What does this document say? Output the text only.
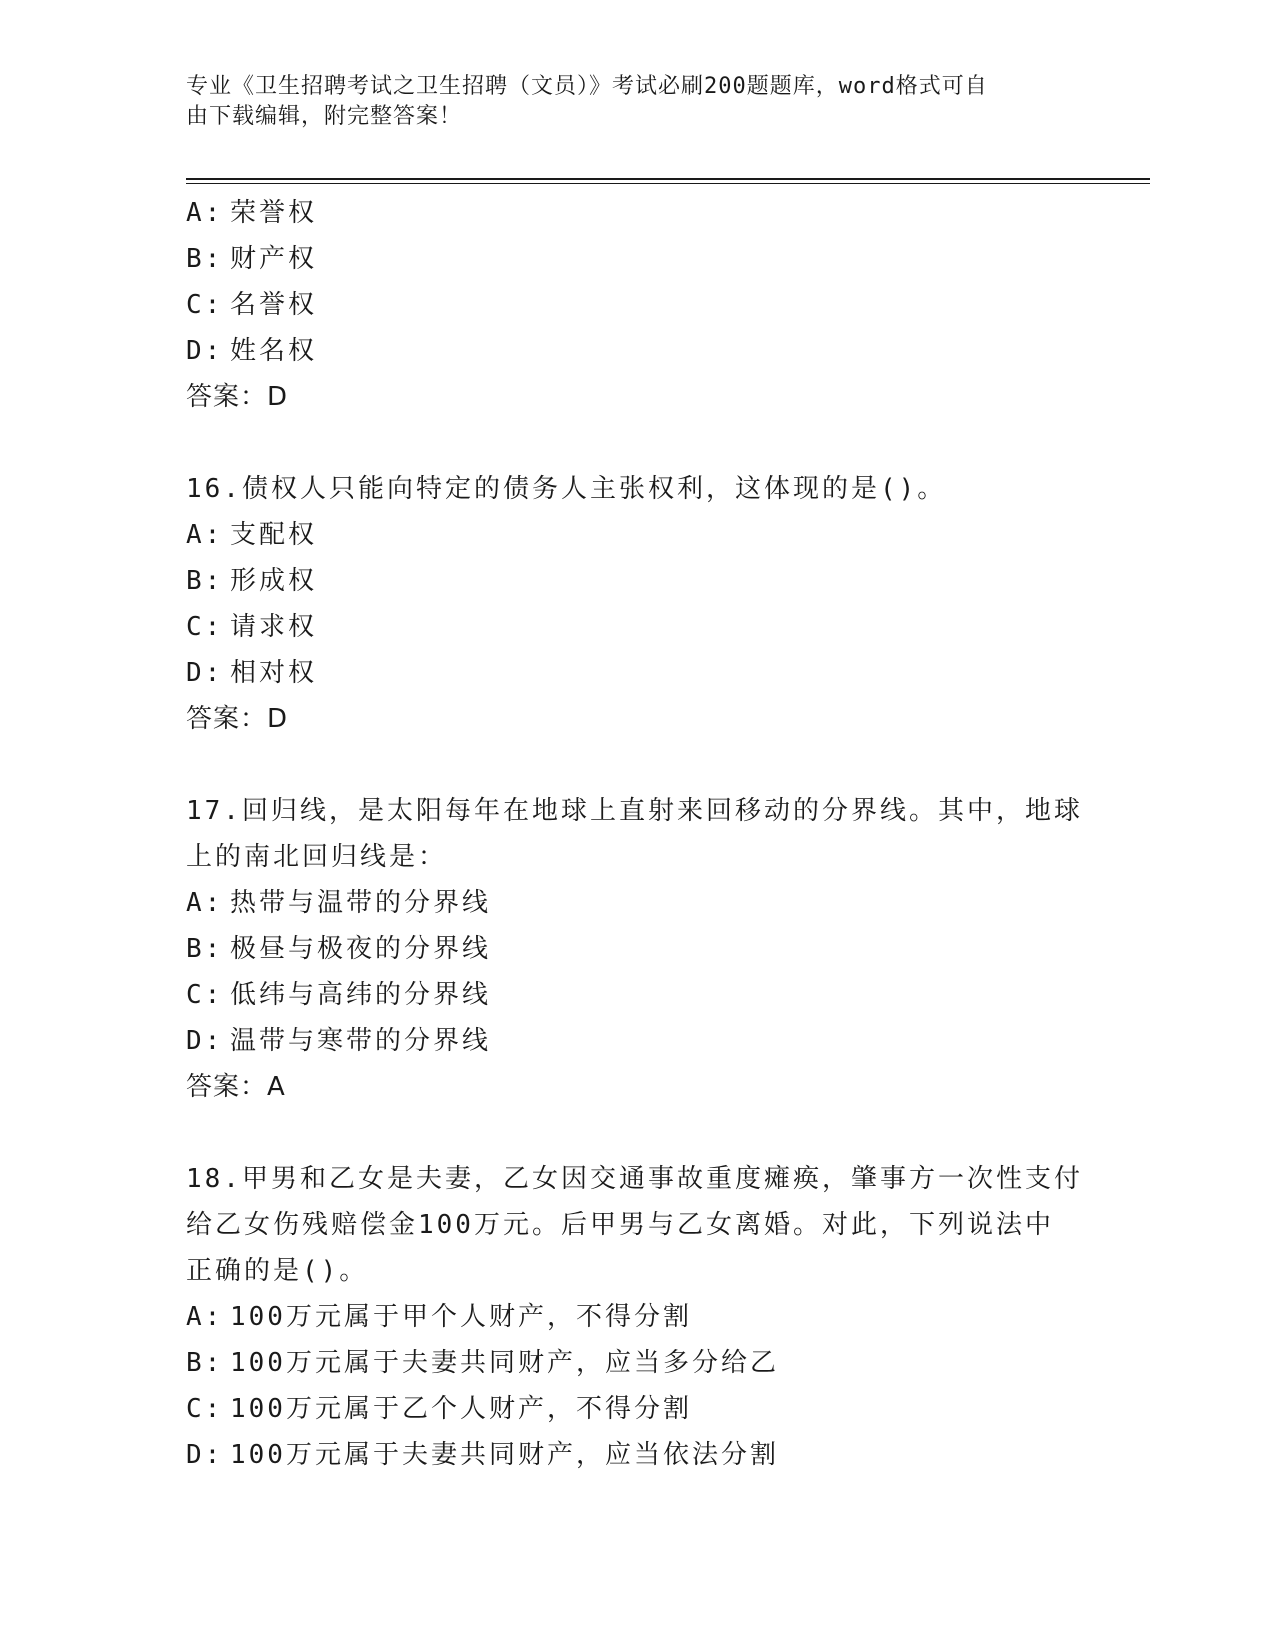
专业《卫生招聘考试之卫生招聘（文员）》考试必刷200题题库，word格式可自
由下载编辑，附完整答案！
A: 荣誉权
B: 财产权
C: 名誉权
D: 姓名权
答案：D
16.债权人只能向特定的债务人主张权利，这体现的是()。
A: 支配权
B: 形成权
C: 请求权
D: 相对权
答案：D
17.回归线，是太阳每年在地球上直射来回移动的分界线。其中，地球
上的南北回归线是：
A: 热带与温带的分界线
B: 极昼与极夜的分界线
C: 低纬与高纬的分界线
D: 温带与寒带的分界线
答案：A
18.甲男和乙女是夫妻，乙女因交通事故重度瘫痪，肇事方一次性支付
给乙女伤残赔偿金100万元。后甲男与乙女离婚。对此，下列说法中
正确的是()。
A: 100万元属于甲个人财产，不得分割
B: 100万元属于夫妻共同财产，应当多分给乙
C: 100万元属于乙个人财产，不得分割
D: 100万元属于夫妻共同财产，应当依法分割
